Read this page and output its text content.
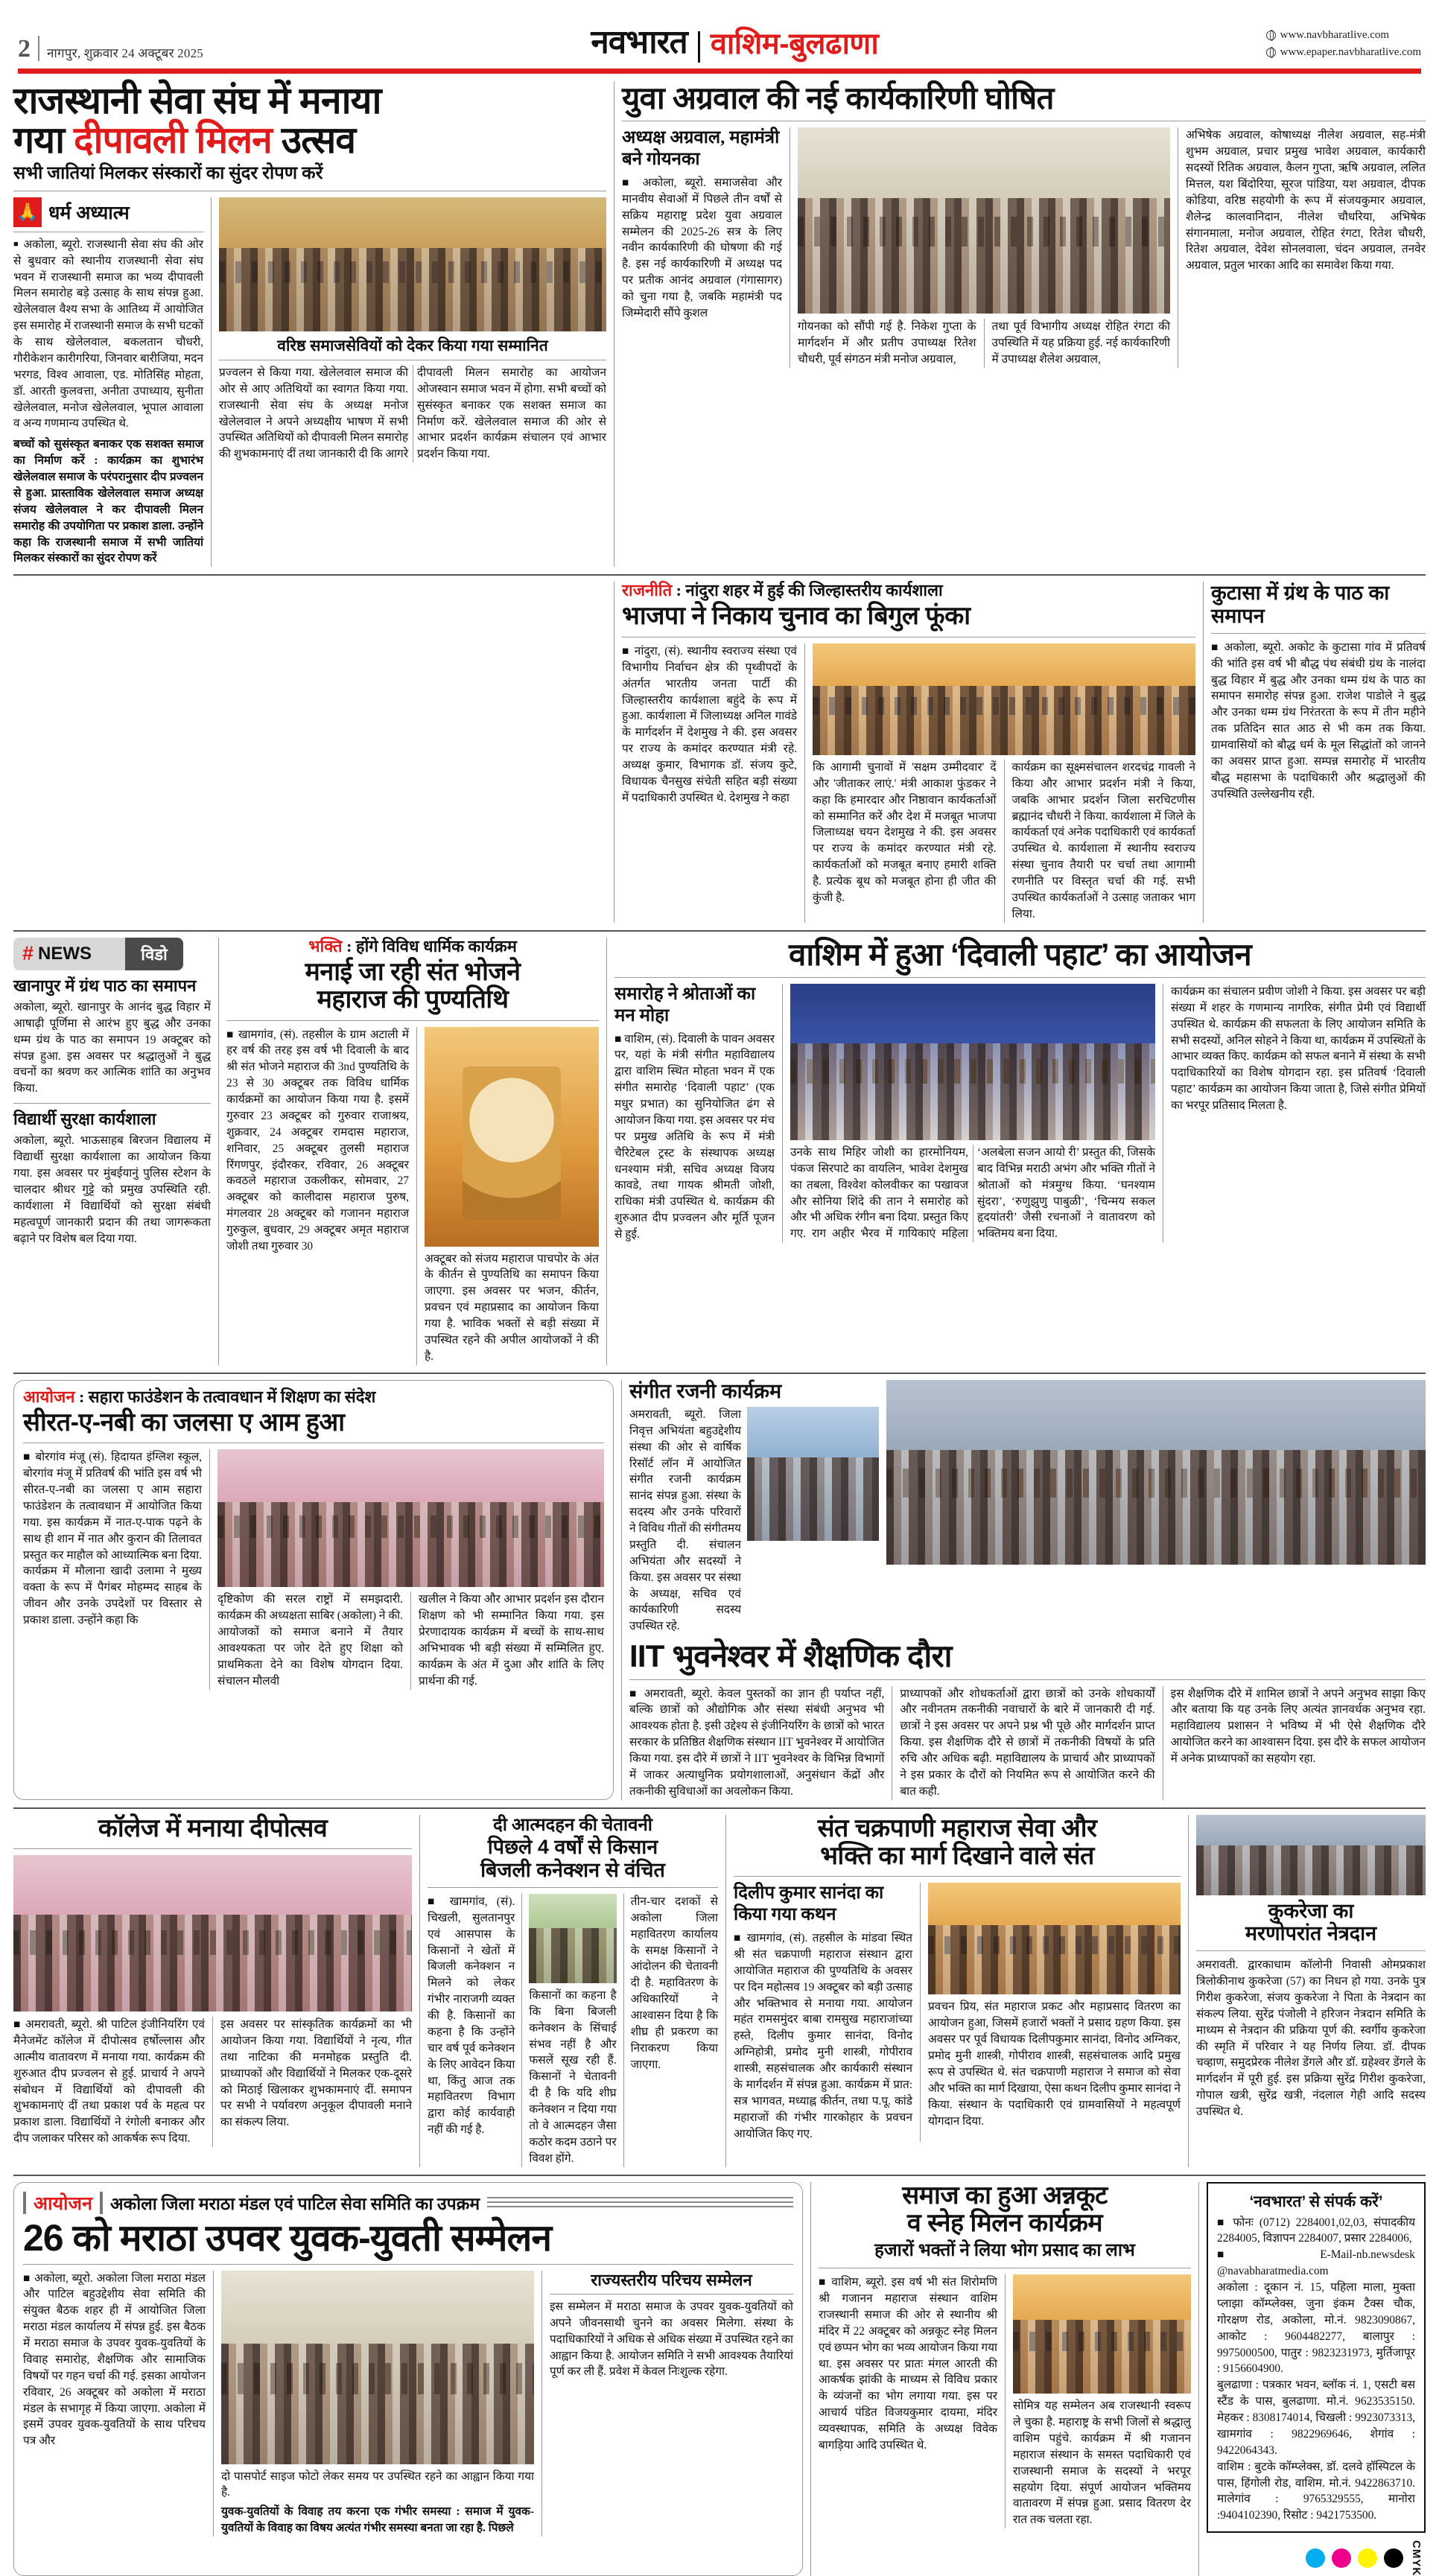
2 नागपुर, शुक्रवार 24 अक्टूबर 2025	नवभारत वाशिम-बुलढाणा	www.navbharatlive.com
www.epaper.navbharatlive.com
राजस्थानी सेवा संघ में मनाया
गया दीपावली मिलन उत्सव
सभी जातियां मिलकर संस्कारों का सुंदर रोपण करें
🙏 धर्म अध्यात्म
■ अकोला, ब्यूरो. राजस्थानी सेवा संघ की ओर से बुधवार को स्थानीय राजस्थानी सेवा संघ भवन में राजस्थानी समाज का भव्य दीपावली मिलन समारोह बड़े उत्साह के साथ संपन्न हुआ. खेलेलवाल वैश्य सभा के आतिथ्य में आयोजित इस समारोह में राजस्थानी समाज के सभी घटकों के साथ खेलेलवाल, बकलतान चौधरी, गौरीकेशन कारीगरिया, जिनवार बारीजिया, मदन भरगड, विश्व आवाला, एड. मोतिसिंह मोहता, डॉ. आरती कुलवत्ता, अनीता उपाध्याय, सुनीता खेलेलवाल, मनोज खेलेलवाल, भूपाल आवाला व अन्य गणमान्य उपस्थित थे.
बच्चों को सुसंस्कृत बनाकर एक सशक्त समाज का निर्माण करें : कार्यक्रम का शुभारंभ खेलेलवाल समाज के परंपरानुसार दीप प्रज्वलन से हुआ. प्रास्ताविक खेलेलवाल समाज अध्यक्ष संजय खेलेलवाल ने कर दीपावली मिलन समारोह की उपयोगिता पर प्रकाश डाला. उन्होंने कहा कि राजस्थानी समाज में सभी जातियां मिलकर संस्कारों का सुंदर रोपण करें
वरिष्ठ समाजसेवियों को देकर किया गया सम्मानित
प्रज्वलन से किया गया. खेलेलवाल समाज की ओर से आए अतिथियों का स्वागत किया गया. राजस्थानी सेवा संघ के अध्यक्ष मनोज खेलेलवाल ने अपने अध्यक्षीय भाषण में सभी उपस्थित अतिथियों को दीपावली मिलन समारोह की शुभकामनाएं दीं तथा जानकारी दी कि आगरे दीपावली मिलन समारोह का आयोजन ओजस्वान समाज भवन में होगा. सभी बच्चों को सुसंस्कृत बनाकर एक सशक्त समाज का निर्माण करें. खेलेलवाल समाज की ओर से आभार प्रदर्शन कार्यक्रम संचालन एवं आभार प्रदर्शन किया गया.
युवा अग्रवाल की नई कार्यकारिणी घोषित
अध्यक्ष अग्रवाल, महामंत्री बने गोयनका
■ अकोला, ब्यूरो. समाजसेवा और मानवीय सेवाओं में पिछले तीन वर्षों से सक्रिय महाराष्ट्र प्रदेश युवा अग्रवाल सम्मेलन की 2025-26 सत्र के लिए नवीन कार्यकारिणी की घोषणा की गई है. इस नई कार्यकारिणी में अध्यक्ष पद पर प्रतीक आनंद अग्रवाल (गंगासागर) को चुना गया है, जबकि महामंत्री पद जिम्मेदारी सौंपे कुशल
गोयनका को सौंपी गई है. निकेश गुप्ता के मार्गदर्शन में और प्रतीप उपाध्यक्ष रितेश चौधरी, पूर्व संगठन मंत्री मनोज अग्रवाल,
तथा पूर्व विभागीय अध्यक्ष रोहित रंगटा की उपस्थिति में यह प्रक्रिया हुई. नई कार्यकारिणी में उपाध्यक्ष शैलेश अग्रवाल,
अभिषेक अग्रवाल, कोषाध्यक्ष नीलेश अग्रवाल, सह-मंत्री शुभम अग्रवाल, प्रचार प्रमुख भावेश अग्रवाल, कार्यकारी सदस्यों रितिक अग्रवाल, कैलन गुप्ता, ऋषि अग्रवाल, ललित मित्तल, यश बिंदोरिया, सूरज पांडिया, यश अग्रवाल, दीपक कोडिया, वरिष्ठ सहयोगी के रूप में संजयकुमार अग्रवाल, शैलेन्द्र कालवानिदान, नीलेश चौधरिया, अभिषेक संगानमाला, मनोज अग्रवाल, रोहित रंगटा, रितेश चौधरी, रितेश अग्रवाल, देवेश सोनलवाला, चंदन अग्रवाल, तनवेर अग्रवाल, प्रतुल भारका आदि का समावेश किया गया.
राजनीति : नांदुरा शहर में हुई की जिल्हास्तरीय कार्यशाला
भाजपा ने निकाय चुनाव का बिगुल फूंका
■ नांदुरा, (सं). स्थानीय स्वराज्य संस्था एवं विभागीय निर्वाचन क्षेत्र की पृथ्वीपदों के अंतर्गत भारतीय जनता पार्टी की जिल्हास्तरीय कार्यशाला बहुंदे के रूप में हुआ. कार्यशाला में जिलाध्यक्ष अनिल गावंडे के मार्गदर्शन में देशमुख ने की. इस अवसर पर राज्य के कमांदर करण्यात मंत्री रहे. अध्यक्ष कुमार, विभागक डॉ. संजय कुटे, विधायक चैनसुख संचेती सहित बड़ी संख्या में पदाधिकारी उपस्थित थे. देशमुख ने कहा
कि आगामी चुनावों में 'सक्षम उम्मीदवार' दें और 'जीताकर लाएं.' मंत्री आकाश फुंडकर ने कहा कि हमारदार और निष्ठावान कार्यकर्ताओं को सम्मानित करें और देश में मजबूत भाजपा जिलाध्यक्ष चयन देशमुख ने की. इस अवसर पर राज्य के कमांदर करण्यात मंत्री रहे. कार्यकर्ताओं को मजबूत बनाए हमारी शक्ति है. प्रत्येक बूथ को मजबूत होना ही जीत की कुंजी है.
कार्यक्रम का सूक्ष्मसंचालन शरदचंद्र गावली ने किया और आभार प्रदर्शन मंत्री ने किया, जबकि आभार प्रदर्शन जिला सरचिटणीस ब्रह्मानंद चौधरी ने किया. कार्यशाला में जिले के कार्यकर्ता एवं अनेक पदाधिकारी एवं कार्यकर्ता उपस्थित थे. कार्यशाला में स्थानीय स्वराज्य संस्था चुनाव तैयारी पर चर्चा तथा आगामी रणनीति पर विस्तृत चर्चा की गई. सभी उपस्थित कार्यकर्ताओं ने उत्साह जताकर भाग लिया.
कुटासा में ग्रंथ के पाठ का समापन
■ अकोला, ब्यूरो. अकोट के कुटासा गांव में प्रतिवर्ष की भांति इस वर्ष भी बौद्ध पंथ संबंधी ग्रंथ के नालंदा बुद्ध विहार में बुद्ध और उनका धम्म ग्रंथ के पाठ का समापन समारोह संपन्न हुआ. राजेश पाडोले ने बुद्ध और उनका धम्म ग्रंथ निरंतरता के रूप में तीन महीने तक प्रतिदिन सात आठ से भी कम तक किया. ग्रामवासियों को बौद्ध धर्म के मूल सिद्धांतों को जानने का अवसर प्राप्त हुआ. सम्पन्न समारोह में भारतीय बौद्ध महासभा के पदाधिकारी और श्रद्धालुओं की उपस्थिति उल्लेखनीय रही.
# NEWS	विडो
खानापुर में ग्रंथ पाठ का समापन
अकोला, ब्यूरो. खानापुर के आनंद बुद्ध विहार में आषाढ़ी पूर्णिमा से आरंभ हुए बुद्ध और उनका धम्म ग्रंथ के पाठ का समापन 19 अक्टूबर को संपन्न हुआ. इस अवसर पर श्रद्धालुओं ने बुद्ध वचनों का श्रवण कर आत्मिक शांति का अनुभव किया.
विद्यार्थी सुरक्षा कार्यशाला
अकोला, ब्यूरो. भाऊसाहब बिरजन विद्यालय में विद्यार्थी सुरक्षा कार्यशाला का आयोजन किया गया. इस अवसर पर मुंबईयानुं पुलिस स्टेशन के चालदार श्रीधर गुट्टे को प्रमुख उपस्थिति रही. कार्यशाला में विद्यार्थियों को सुरक्षा संबंधी महत्वपूर्ण जानकारी प्रदान की तथा जागरूकता बढ़ाने पर विशेष बल दिया गया.
भक्ति : होंगे विविध धार्मिक कार्यक्रम
मनाई जा रही संत भोजने
महाराज की पुण्यतिथि
■ खामगांव, (सं). तहसील के ग्राम अटाली में हर वर्ष की तरह इस वर्ष भी दिवाली के बाद श्री संत भोजने महाराज की 3nd पुण्यतिथि के 23 से 30 अक्टूबर तक विविध धार्मिक कार्यक्रमों का आयोजन किया गया है. इसमें गुरुवार 23 अक्टूबर को गुरुवार राजाश्रय, शुक्रवार, 24 अक्टूबर रामदास महाराज, शनिवार, 25 अक्टूबर तुलसी महाराज रिंगणपुर, इंदौरकर, रविवार, 26 अक्टूबर कवठले महाराज उकलीकर, सोमवार, 27 अक्टूबर को कालीदास महाराज पुरुष, मंगलवार 28 अक्टूबर को गजानन महाराज गुरुकुल, बुधवार, 29 अक्टूबर अमृत महाराज जोशी तथा गुरुवार 30
अक्टूबर को संजय महाराज पाचपोर के अंत के कीर्तन से पुण्यतिथि का समापन किया जाएगा. इस अवसर पर भजन, कीर्तन, प्रवचन एवं महाप्रसाद का आयोजन किया गया है. भाविक भक्तों से बड़ी संख्या में उपस्थित रहने की अपील आयोजकों ने की है.
वाशिम में हुआ ‘दिवाली पहाट’ का आयोजन
समारोह ने श्रोताओं का मन मोहा
■ वाशिम, (सं). दिवाली के पावन अवसर पर, यहां के मंत्री संगीत महाविद्यालय द्वारा वाशिम स्थित मोहता भवन में एक संगीत समारोह ‘दिवाली पहाट’ (एक मधुर प्रभात) का सुनियोजित ढंग से आयोजन किया गया. इस अवसर पर मंच पर प्रमुख अतिथि के रूप में मंत्री चैरिटेबल ट्रस्ट के संस्थापक अध्यक्ष धनश्याम मंत्री, सचिव अध्यक्ष विजय कावडे, तथा गायक श्रीमती जोशी, राधिका मंत्री उपस्थित थे. कार्यक्रम की शुरुआत दीप प्रज्वलन और मूर्ति पूजन से हुई.
उनके साथ मिहिर जोशी का हारमोनियम, पंकज सिरपाटे का वायलिन, भावेश देशमुख का तबला, विश्वेश कोलवीकर का पखावज और सोनिया शिंदे की तान ने समारोह को और भी अधिक रंगीन बना दिया. प्रस्तुत किए गए. राग अहीर भैरव में गायिकाएं महिला ‘अलबेला सजन आयो री’ प्रस्तुत की, जिसके बाद विभिन्न मराठी अभंग और भक्ति गीतों ने श्रोताओं को मंत्रमुग्ध किया. ‘घनश्याम सुंदरा’, ‘रुणुझुणु पाबुळी’, ‘चिन्मय सकल हृदयांतरी’ जैसी रचनाओं ने वातावरण को भक्तिमय बना दिया.
कार्यक्रम का संचालन प्रवीण जोशी ने किया. इस अवसर पर बड़ी संख्या में शहर के गणमान्य नागरिक, संगीत प्रेमी एवं विद्यार्थी उपस्थित थे. कार्यक्रम की सफलता के लिए आयोजन समिति के सभी सदस्यों, अनिल सोहने ने किया था, कार्यक्रम में उपस्थितों के आभार व्यक्त किए. कार्यक्रम को सफल बनाने में संस्था के सभी पदाधिकारियों का विशेष योगदान रहा. इस प्रतिवर्ष ‘दिवाली पहाट’ कार्यक्रम का आयोजन किया जाता है, जिसे संगीत प्रेमियों का भरपूर प्रतिसाद मिलता है.
आयोजन : सहारा फाउंडेशन के तत्वावधान में शिक्षण का संदेश
सीरत-ए-नबी का जलसा ए आम हुआ
■ बोरगांव मंजू (सं). हिदायत इंग्लिश स्कूल, बोरगांव मंजू में प्रतिवर्ष की भांति इस वर्ष भी सीरत-ए-नबी का जलसा ए आम सहारा फाउंडेशन के तत्वावधान में आयोजित किया गया. इस कार्यक्रम में नात-ए-पाक पढ़ने के साथ ही शान में नात और कुरान की तिलावत प्रस्तुत कर माहौल को आध्यात्मिक बना दिया. कार्यक्रम में मौलाना खादी उलामा ने मुख्य वक्ता के रूप में पैगंबर मोहम्मद साहब के जीवन और उनके उपदेशों पर विस्तार से प्रकाश डाला. उन्होंने कहा कि
दृष्टिकोण की सरल राष्ट्रों में समझदारी. कार्यक्रम की अध्यक्षता साबिर (अकोला) ने की. आयोजकों को समाज बनाने में तैयार आवश्यकता पर जोर देते हुए शिक्षा को प्राथमिकता देने का विशेष योगदान दिया. संचालन मौलवी
खलील ने किया और आभार प्रदर्शन इस दौरान शिक्षण को भी सम्मानित किया गया. इस प्रेरणादायक कार्यक्रम में बच्चों के साथ-साथ अभिभावक भी बड़ी संख्या में सम्मिलित हुए. कार्यक्रम के अंत में दुआ और शांति के लिए प्रार्थना की गई.
संगीत रजनी कार्यक्रम
अमरावती, ब्यूरो. जिला निवृत्त अभियंता बहुउद्देशीय संस्था की ओर से वार्षिक रिसॉर्ट लॉन में आयोजित संगीत रजनी कार्यक्रम सानंद संपन्न हुआ. संस्था के सदस्य और उनके परिवारों ने विविध गीतों की संगीतमय प्रस्तुति दी. संचालन अभियंता और सदस्यों ने किया. इस अवसर पर संस्था के अध्यक्ष, सचिव एवं कार्यकारिणी सदस्य उपस्थित रहे.
IIT भुवनेश्वर में शैक्षणिक दौरा
■ अमरावती, ब्यूरो. केवल पुस्तकों का ज्ञान ही पर्याप्त नहीं, बल्कि छात्रों को औद्योगिक और संस्था संबंधी अनुभव भी आवश्यक होता है. इसी उद्देश्य से इंजीनियरिंग के छात्रों को भारत सरकार के प्रतिष्ठित शैक्षणिक संस्थान IIT भुवनेश्वर में आयोजित किया गया. इस दौरे में छात्रों ने IIT भुवनेश्वर के विभिन्न विभागों में जाकर अत्याधुनिक प्रयोगशालाओं, अनुसंधान केंद्रों और तकनीकी सुविधाओं का अवलोकन किया.
प्राध्यापकों और शोधकर्ताओं द्वारा छात्रों को उनके शोधकार्यों और नवीनतम तकनीकी नवाचारों के बारे में जानकारी दी गई. छात्रों ने इस अवसर पर अपने प्रश्न भी पूछे और मार्गदर्शन प्राप्त किया. इस शैक्षणिक दौरे से छात्रों में तकनीकी विषयों के प्रति रुचि और अधिक बढ़ी. महाविद्यालय के प्राचार्य और प्राध्यापकों ने इस प्रकार के दौरों को नियमित रूप से आयोजित करने की बात कही.
इस शैक्षणिक दौरे में शामिल छात्रों ने अपने अनुभव साझा किए और बताया कि यह उनके लिए अत्यंत ज्ञानवर्धक अनुभव रहा. महाविद्यालय प्रशासन ने भविष्य में भी ऐसे शैक्षणिक दौरे आयोजित करने का आश्वासन दिया. इस दौरे के सफल आयोजन में अनेक प्राध्यापकों का सहयोग रहा.
कॉलेज में मनाया दीपोत्सव
■ अमरावती, ब्यूरो. श्री पाटिल इंजीनियरिंग एवं मैनेजमेंट कॉलेज में दीपोत्सव हर्षोल्लास और आत्मीय वातावरण में मनाया गया. कार्यक्रम की शुरुआत दीप प्रज्वलन से हुई. प्राचार्य ने अपने संबोधन में विद्यार्थियों को दीपावली की शुभकामनाएं दीं तथा प्रकाश पर्व के महत्व पर प्रकाश डाला. विद्यार्थियों ने रंगोली बनाकर और दीप जलाकर परिसर को आकर्षक रूप दिया.
इस अवसर पर सांस्कृतिक कार्यक्रमों का भी आयोजन किया गया. विद्यार्थियों ने नृत्य, गीत तथा नाटिका की मनमोहक प्रस्तुति दी. प्राध्यापकों और विद्यार्थियों ने मिलकर एक-दूसरे को मिठाई खिलाकर शुभकामनाएं दीं. समापन पर सभी ने पर्यावरण अनुकूल दीपावली मनाने का संकल्प लिया.
दी आत्मदहन की चेतावनी
पिछले 4 वर्षों से किसान
बिजली कनेक्शन से वंचित
■ खामगांव, (सं). चिखली, सुलतानपुर एवं आसपास के किसानों ने खेतों में बिजली कनेक्शन न मिलने को लेकर गंभीर नाराजगी व्यक्त की है. किसानों का कहना है कि उन्होंने चार वर्ष पूर्व कनेक्शन के लिए आवेदन किया था, किंतु आज तक महावितरण विभाग द्वारा कोई कार्यवाही नहीं की गई है.
किसानों का कहना है कि बिना बिजली कनेक्शन के सिंचाई संभव नहीं है और फसलें सूख रही हैं. किसानों ने चेतावनी दी है कि यदि शीघ्र कनेक्शन न दिया गया तो वे आत्मदहन जैसा कठोर कदम उठाने पर विवश होंगे.
तीन-चार दशकों से अकोला जिला महावितरण कार्यालय के समक्ष किसानों ने आंदोलन की चेतावनी दी है. महावितरण के अधिकारियों ने आश्वासन दिया है कि शीघ्र ही प्रकरण का निराकरण किया जाएगा.
संत चक्रपाणी महाराज सेवा और
भक्ति का मार्ग दिखाने वाले संत
दिलीप कुमार सानंदा का किया गया कथन
■ खामगांव, (सं). तहसील के मांडवा स्थित श्री संत चक्रपाणी महाराज संस्थान द्वारा आयोजित महाराज की पुण्यतिथि के अवसर पर दिन महोत्सव 19 अक्टूबर को बड़ी उत्साह और भक्तिभाव से मनाया गया. आयोजन महंत रामसमुंदर बाबा रामसुख महाराजांच्या हस्ते, दिलीप कुमार सानंदा, विनोद अग्निहोत्री, प्रमोद मुनी शास्त्री, गोपीराव शास्त्री, सहसंचालक और कार्यकारी संस्थान के मार्गदर्शन में संपन्न हुआ. कार्यक्रम में प्रात: सत्र भागवत, मध्याह्न कीर्तन, तथा प.पू. कांडे महाराजों की गंभीर गारकोहार के प्रवचन आयोजित किए गए.
प्रवचन प्रिय, संत महाराज प्रकट और महाप्रसाद वितरण का आयोजन हुआ, जिसमें हजारों भक्तों ने प्रसाद ग्रहण किया. इस अवसर पर पूर्व विधायक दिलीपकुमार सानंदा, विनोद अग्निकर, प्रमोद मुनी शास्त्री, गोपीराव शास्त्री, सहसंचालक आदि प्रमुख रूप से उपस्थित थे. संत चक्रपाणी महाराज ने समाज को सेवा और भक्ति का मार्ग दिखाया, ऐसा कथन दिलीप कुमार सानंदा ने किया. संस्थान के पदाधिकारी एवं ग्रामवासियों ने महत्वपूर्ण योगदान दिया.
कुकरेजा का
मरणोपरांत नेत्रदान
अमरावती. द्वारकाधाम कॉलोनी निवासी ओमप्रकाश त्रिलोकीनाथ कुकरेजा (57) का निधन हो गया. उनके पुत्र गिरीश कुकरेजा, संजय कुकरेजा ने पिता के नेत्रदान का संकल्प लिया. सुरेंद्र पंजोली ने हरिजन नेत्रदान समिति के माध्यम से नेत्रदान की प्रक्रिया पूर्ण की. स्वर्गीय कुकरेजा की स्मृति में परिवार ने यह निर्णय लिया. डॉ. दीपक चव्हाण, समुदप्रेरक नीलेश डेंगले और डॉ. ग्रहेश्वर डेंगले के मार्गदर्शन में पूरी हुई. इस प्रक्रिया सुरेंद्र गिरीश कुकरेजा, गोपाल खत्री, सुरेंद्र खत्री, नंदलाल गेही आदि सदस्य उपस्थित थे.
आयोजन अकोला जिला मराठा मंडल एवं पाटिल सेवा समिति का उपक्रम
26 को मराठा उपवर युवक-युवती सम्मेलन
■ अकोला, ब्यूरो. अकोला जिला मराठा मंडल और पाटिल बहुउद्देशीय सेवा समिति की संयुक्त बैठक शहर ही में आयोजित जिला मराठा मंडल कार्यालय में संपन्न हुई. इस बैठक में मराठा समाज के उपवर युवक-युवतियों के विवाह समारोह, शैक्षणिक और सामाजिक विषयों पर गहन चर्चा की गई. इसका आयोजन रविवार, 26 अक्टूबर को अकोला में मराठा मंडल के सभागृह में किया जाएगा. अकोला में इसमें उपवर युवक-युवतियों के साथ परिचय पत्र और
दो पासपोर्ट साइज फोटो लेकर समय पर उपस्थित रहने का आह्वान किया गया है.
युवक-युवतियों के विवाह तय करना एक गंभीर समस्या : समाज में युवक-युवतियों के विवाह का विषय अत्यंत गंभीर समस्या बनता जा रहा है. पिछले
राज्यस्तरीय परिचय सम्मेलन
इस सम्मेलन में मराठा समाज के उपवर युवक-युवतियों को अपने जीवनसाथी चुनने का अवसर मिलेगा. संस्था के पदाधिकारियों ने अधिक से अधिक संख्या में उपस्थित रहने का आह्वान किया है. आयोजन समिति ने सभी आवश्यक तैयारियां पूर्ण कर ली हैं. प्रवेश में केवल निःशुल्क रहेगा.
समाज का हुआ अन्नकूट
व स्नेह मिलन कार्यक्रम
हजारों भक्तों ने लिया भोग प्रसाद का लाभ
■ वाशिम, ब्यूरो. इस वर्ष भी संत शिरोमणि श्री गजानन महाराज संस्थान वाशिम राजस्थानी समाज की ओर से स्थानीय श्री मंदिर में 22 अक्टूबर को अन्नकूट स्नेह मिलन एवं छप्पन भोग का भव्य आयोजन किया गया था. इस अवसर पर प्रातः मंगल आरती की आकर्षक झांकी के माध्यम से विविध प्रकार के व्यंजनों का भोग लगाया गया. इस पर आचार्य पंडित विजयकुमार दायमा, मंदिर व्यवस्थापक, समिति के अध्यक्ष विवेक बागड़िया आदि उपस्थित थे.
सोमित्र यह सम्मेलन अब राजस्थानी स्वरूप ले चुका है. महाराष्ट्र के सभी जिलों से श्रद्धालु वाशिम पहुंचे. कार्यक्रम में श्री गजानन महाराज संस्थान के समस्त पदाधिकारी एवं राजस्थानी समाज के सदस्यों ने भरपूर सहयोग दिया. संपूर्ण आयोजन भक्तिमय वातावरण में संपन्न हुआ. प्रसाद वितरण देर रात तक चलता रहा.
‘नवभारत’ से संपर्क करें’
■ फोनः (0712) 2284001,02,03, संपादकीय 2284005, विज्ञापन 2284007, प्रसार 2284006,
■ E-Mail-nb.newsdesk @navabharatmedia.com
अकोला : दूकान नं. 15, पहिला माला, मुक्ता प्लाझा कॉम्प्लेक्स, जुना इंकम टैक्स चौक, गोरक्षण रोड, अकोला, मो.नं. 9823090867, आकोट : 9604482277, बालापुर : 9975000500, पातुर : 9823231973, मुर्तिजापूर : 9156604900.
बुलढाणा : पत्रकार भवन, ब्लॉक नं. 1, एसटी बस स्टैंड के पास, बुलढाणा. मो.नं. 9623535150. मेहकर : 8308174014, चिखली : 9923073313, खामगांव : 9822969646, शेगांव : 9422064343.
वाशिम : बुटके कॉम्प्लेक्स, डॉ. दलवे हॉस्पिटल के पास, हिंगोली रोड, वाशिम. मो.नं. 9422863710. मालेगांव : 9765329555, मानोरा :9404102390, रिसोट : 9421753500.
CMYK
